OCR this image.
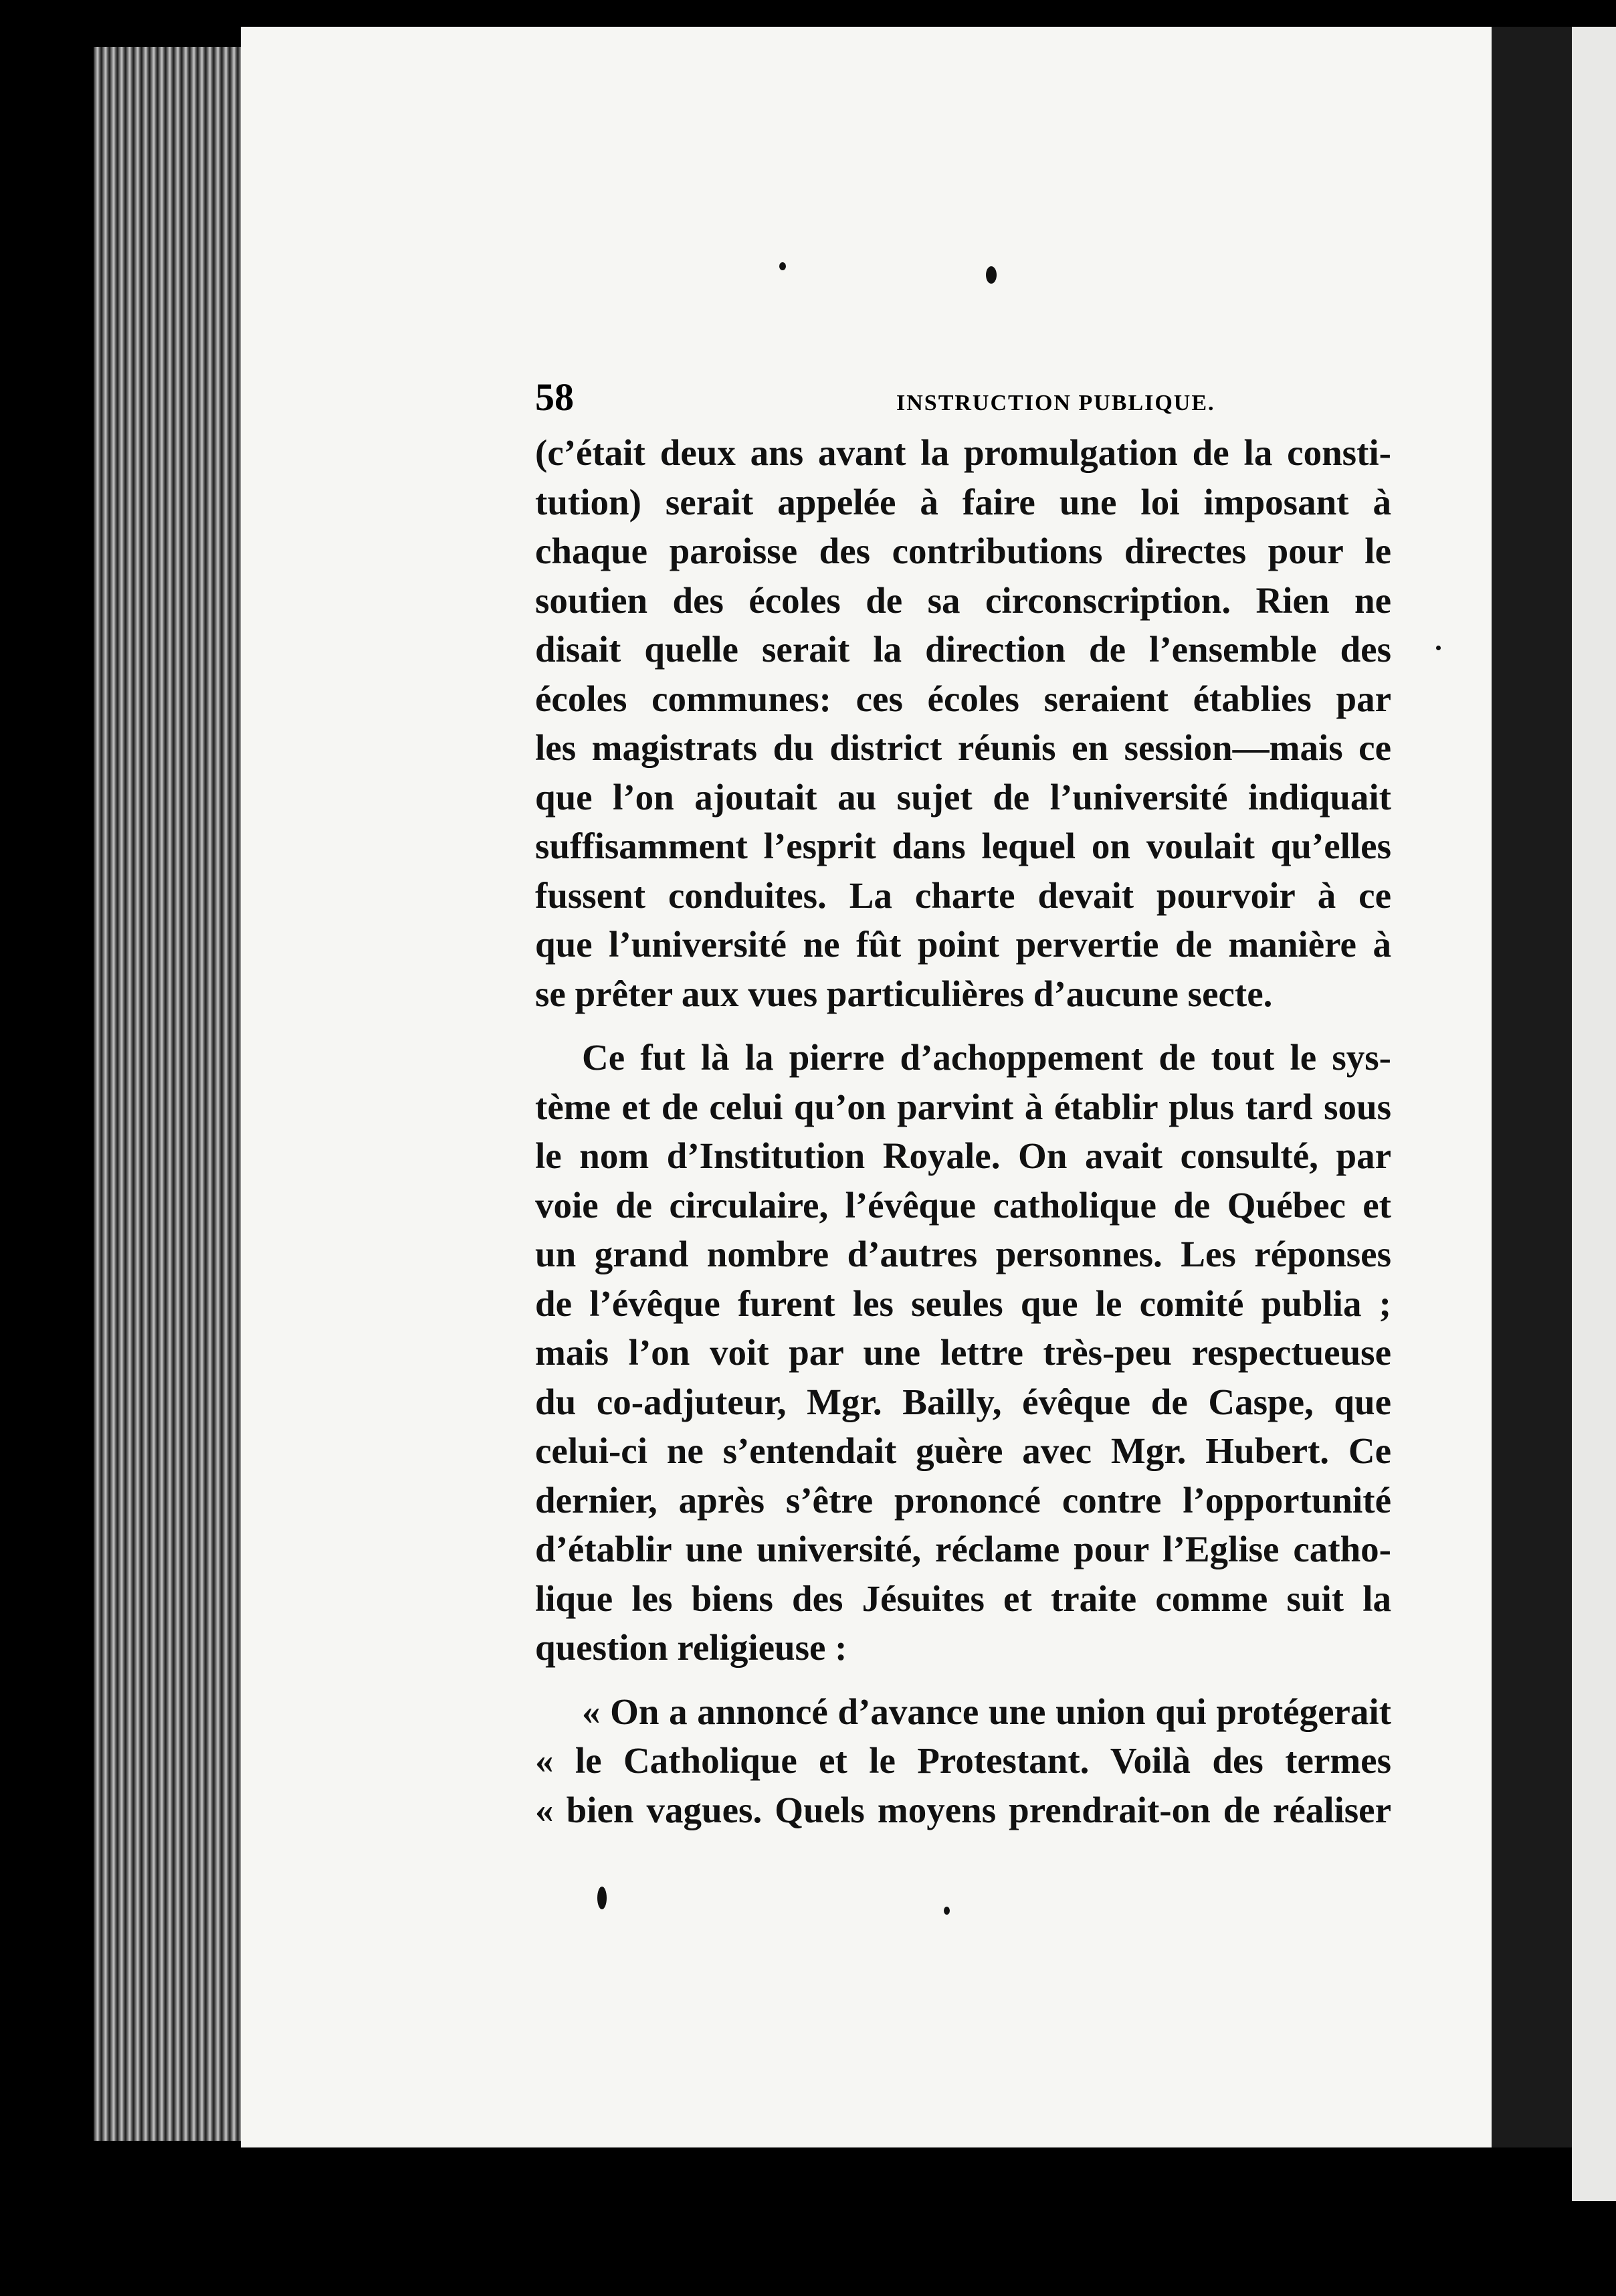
58	INSTRUCTION PUBLIQUE.
(c’était deux ans avant la promulgation de la consti-
tution) serait appelée à faire une loi imposant à
chaque paroisse des contributions directes pour le
soutien des écoles de sa circonscription. Rien ne
disait quelle serait la direction de l’ensemble des
écoles communes: ces écoles seraient établies par
les magistrats du district réunis en session—mais ce
que l’on ajoutait au sujet de l’université indiquait
suffisamment l’esprit dans lequel on voulait qu’elles
fussent conduites. La charte devait pourvoir à ce
que l’université ne fût point pervertie de manière à
se prêter aux vues particulières d’aucune secte.
Ce fut là la pierre d’achoppement de tout le sys-
tème et de celui qu’on parvint à établir plus tard sous
le nom d’Institution Royale. On avait consulté, par
voie de circulaire, l’évêque catholique de Québec et
un grand nombre d’autres personnes. Les réponses
de l’évêque furent les seules que le comité publia ;
mais l’on voit par une lettre très-peu respectueuse
du co-adjuteur, Mgr. Bailly, évêque de Caspe, que
celui-ci ne s’entendait guère avec Mgr. Hubert. Ce
dernier, après s’être prononcé contre l’opportunité
d’établir une université, réclame pour l’Eglise catho-
lique les biens des Jésuites et traite comme suit la
question religieuse :
« On a annoncé d’avance une union qui protégerait
« le Catholique et le Protestant. Voilà des termes
« bien vagues. Quels moyens prendrait-on de réaliser
